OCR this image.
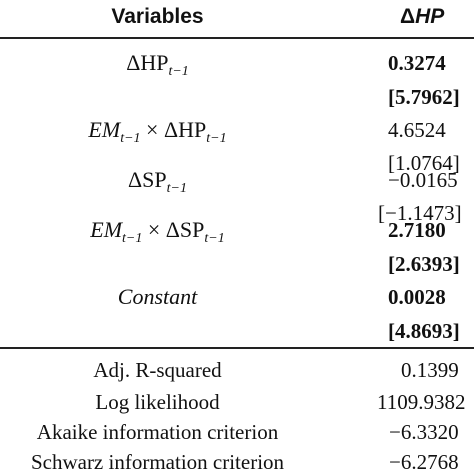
Variables	ΔHP
$\Delta HP_{t-1}$	0.3274
[5.7962]
$EM_{t-1} \times \Delta HP_{t-1}$	4.6524
[1.0764]
$\Delta SP_{t-1}$	−0.0165
[−1.1473]
$EM_{t-1} \times \Delta SP_{t-1}$	2.7180
[2.6393]
Constant	0.0028
[4.8693]
Adj. R-squared	0.1399
Log likelihood	1109.9382
Akaike information criterion	−6.3320
Schwarz information criterion	−6.2768
